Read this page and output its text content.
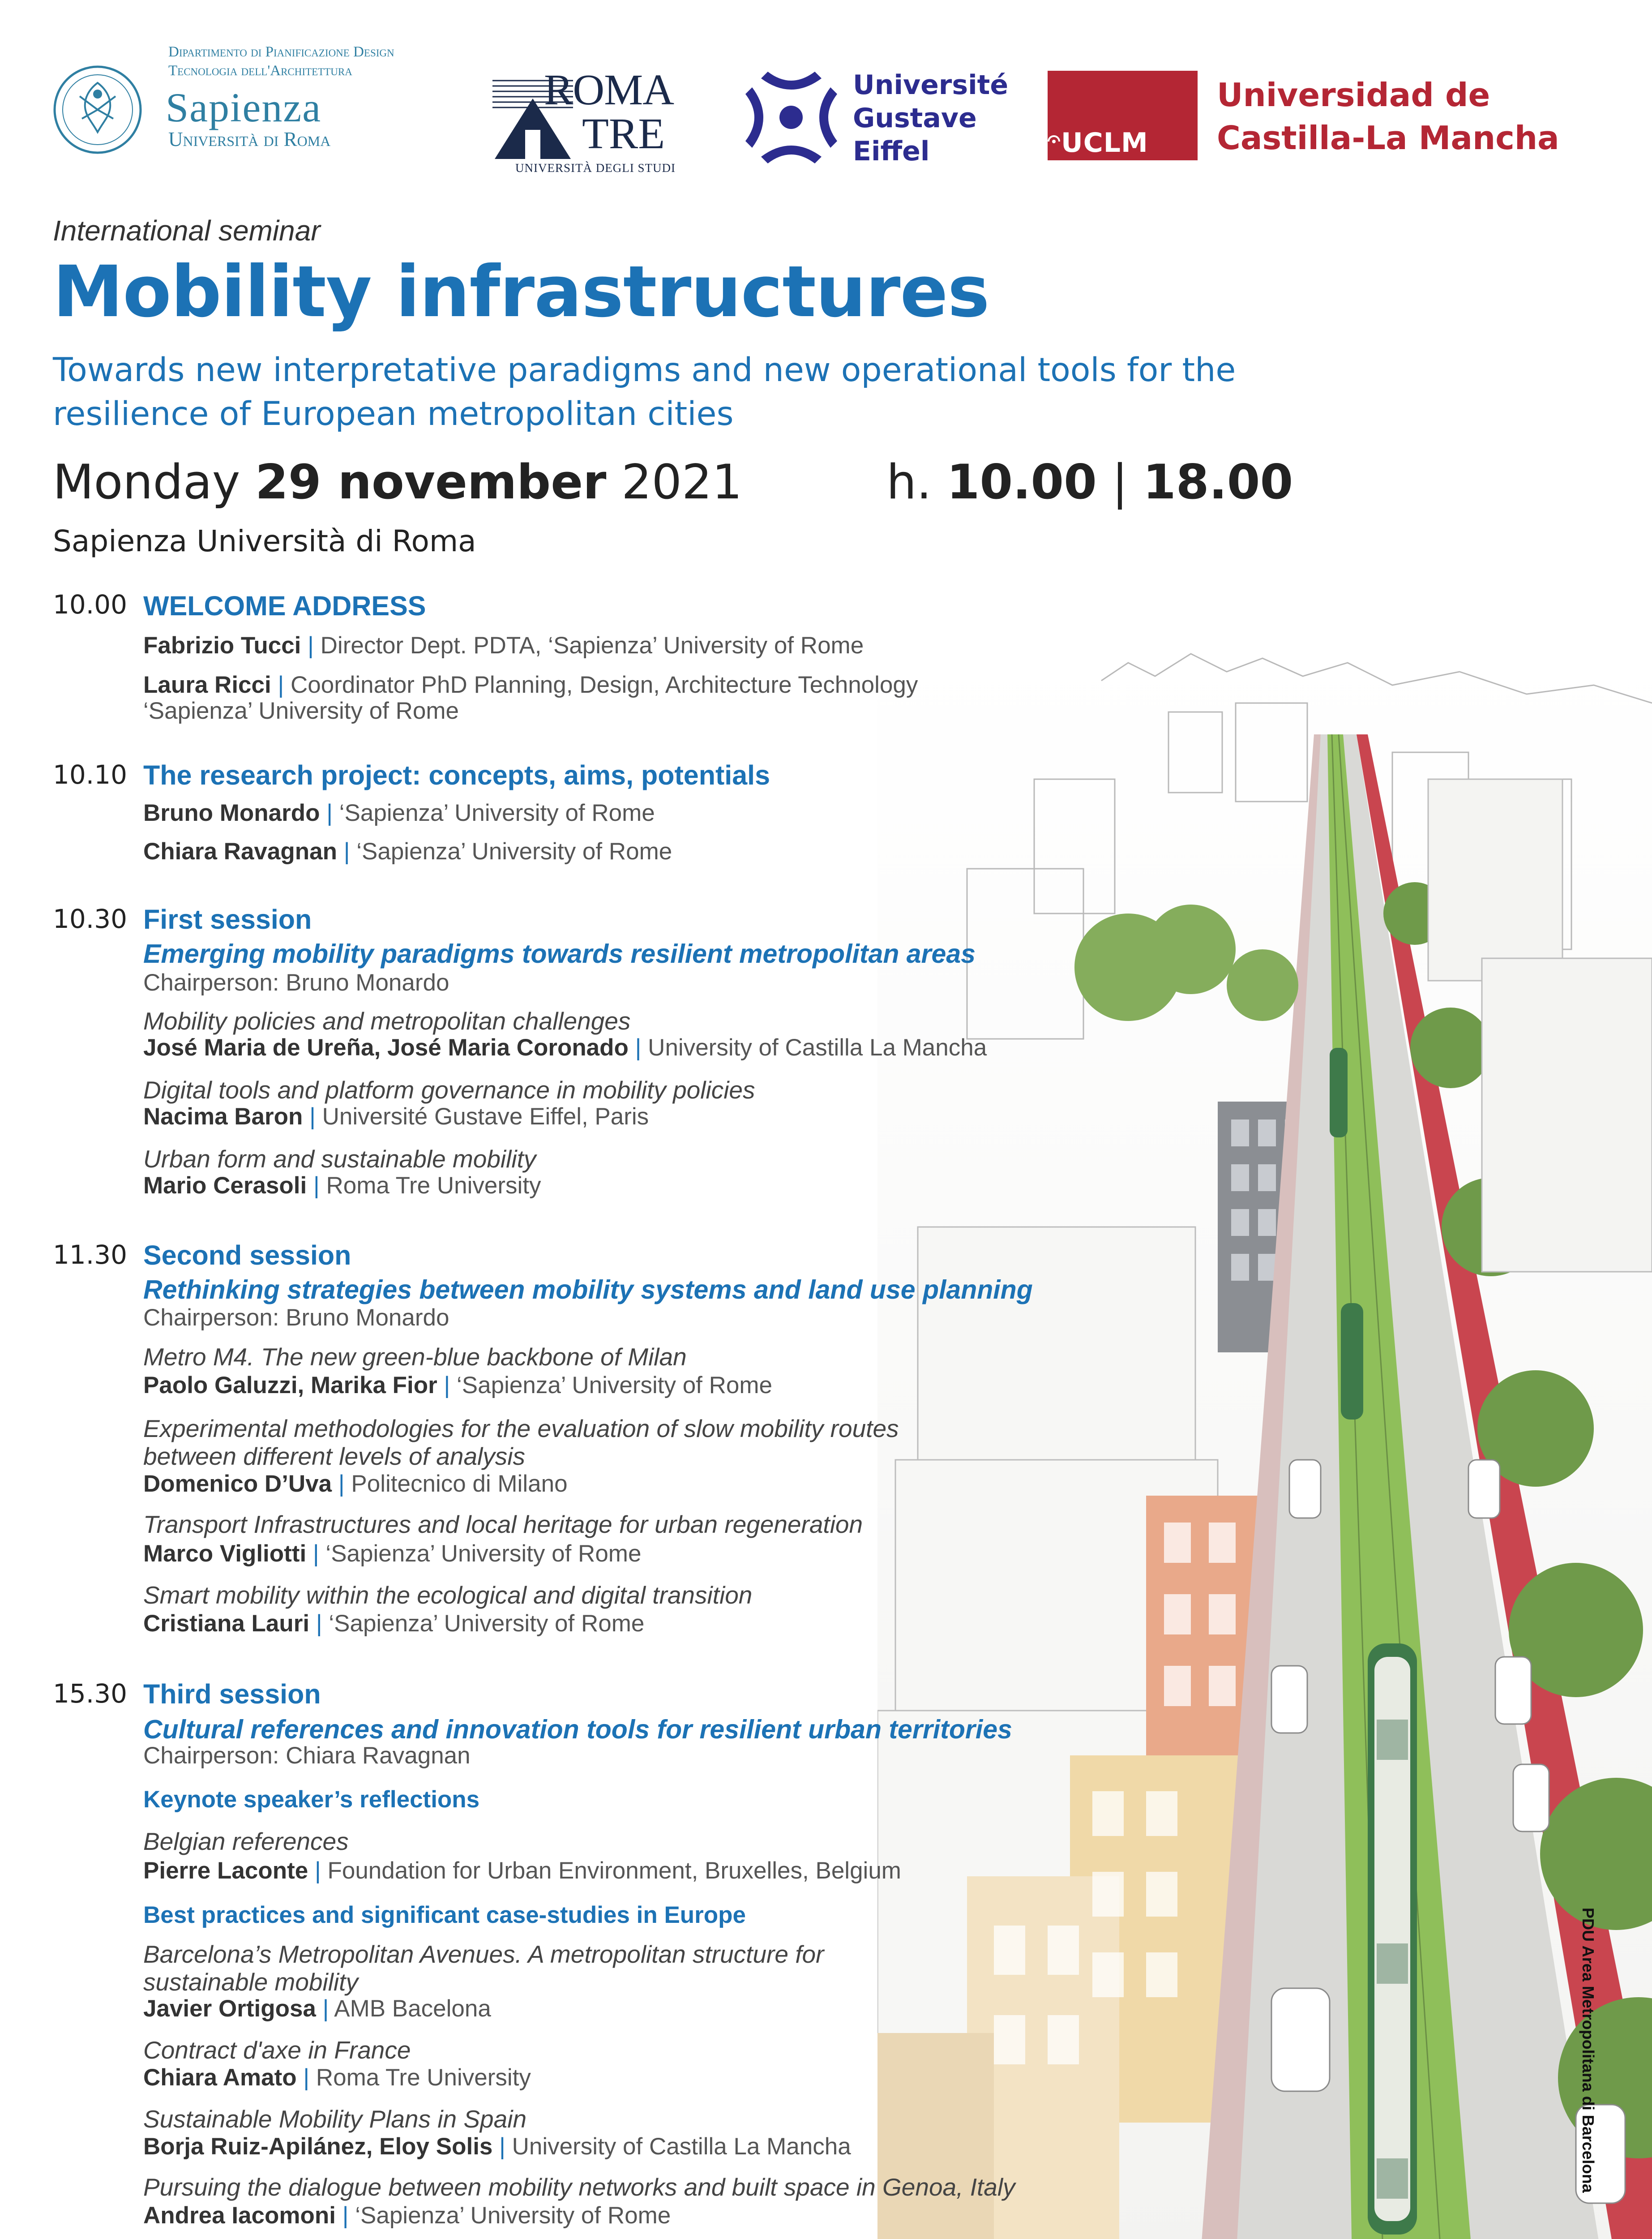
Dipartimento di Pianificazione Design
Tecnologia dell'Architettura
Sapienza
Università di Roma
ROMA
TRE
UNIVERSITÀ DEGLI STUDI
Université
Gustave
Eiffel	UCLM
Universidad de
Castilla-La Mancha
International seminar
Mobility infrastructures
Towards new interpretative paradigms and new operational tools for the resilience of European metropolitan cities
Monday 29 november 2021	h. 10.00 | 18.00
Sapienza Università di Roma
PDU Area Metropolitana di Barcelona
10.00 WELCOME ADDRESS
Fabrizio Tucci | Director Dept. PDTA, ‘Sapienza’ University of Rome
Laura Ricci | Coordinator PhD Planning, Design, Architecture Technology
‘Sapienza’ University of Rome
10.10 The research project: concepts, aims, potentials
Bruno Monardo | ‘Sapienza’ University of Rome
Chiara Ravagnan | ‘Sapienza’ University of Rome
10.30 First session
Emerging mobility paradigms towards resilient metropolitan areas
Chairperson: Bruno Monardo
Mobility policies and metropolitan challenges
José Maria de Ureña, José Maria Coronado | University of Castilla La Mancha
Digital tools and platform governance in mobility policies
Nacima Baron | Université Gustave Eiffel, Paris
Urban form and sustainable mobility
Mario Cerasoli | Roma Tre University
11.30 Second session
Rethinking strategies between mobility systems and land use planning
Chairperson: Bruno Monardo
Metro M4. The new green-blue backbone of Milan
Paolo Galuzzi, Marika Fior | ‘Sapienza’ University of Rome
Experimental methodologies for the evaluation of slow mobility routes
between different levels of analysis
Domenico D’Uva | Politecnico di Milano
Transport Infrastructures and local heritage for urban regeneration
Marco Vigliotti | ‘Sapienza’ University of Rome
Smart mobility within the ecological and digital transition
Cristiana Lauri | ‘Sapienza’ University of Rome
15.30 Third session
Cultural references and innovation tools for resilient urban territories
Chairperson: Chiara Ravagnan
Keynote speaker’s reflections
Belgian references
Pierre Laconte | Foundation for Urban Environment, Bruxelles, Belgium
Best practices and significant case-studies in Europe
Barcelona’s Metropolitan Avenues. A metropolitan structure for
sustainable mobility
Javier Ortigosa | AMB Bacelona
Contract d'axe in France
Chiara Amato | Roma Tre University
Sustainable Mobility Plans in Spain
Borja Ruiz-Apilánez, Eloy Solis | University of Castilla La Mancha
Pursuing the dialogue between mobility networks and built space in Genoa, Italy
Andrea Iacomoni | ‘Sapienza’ University of Rome
